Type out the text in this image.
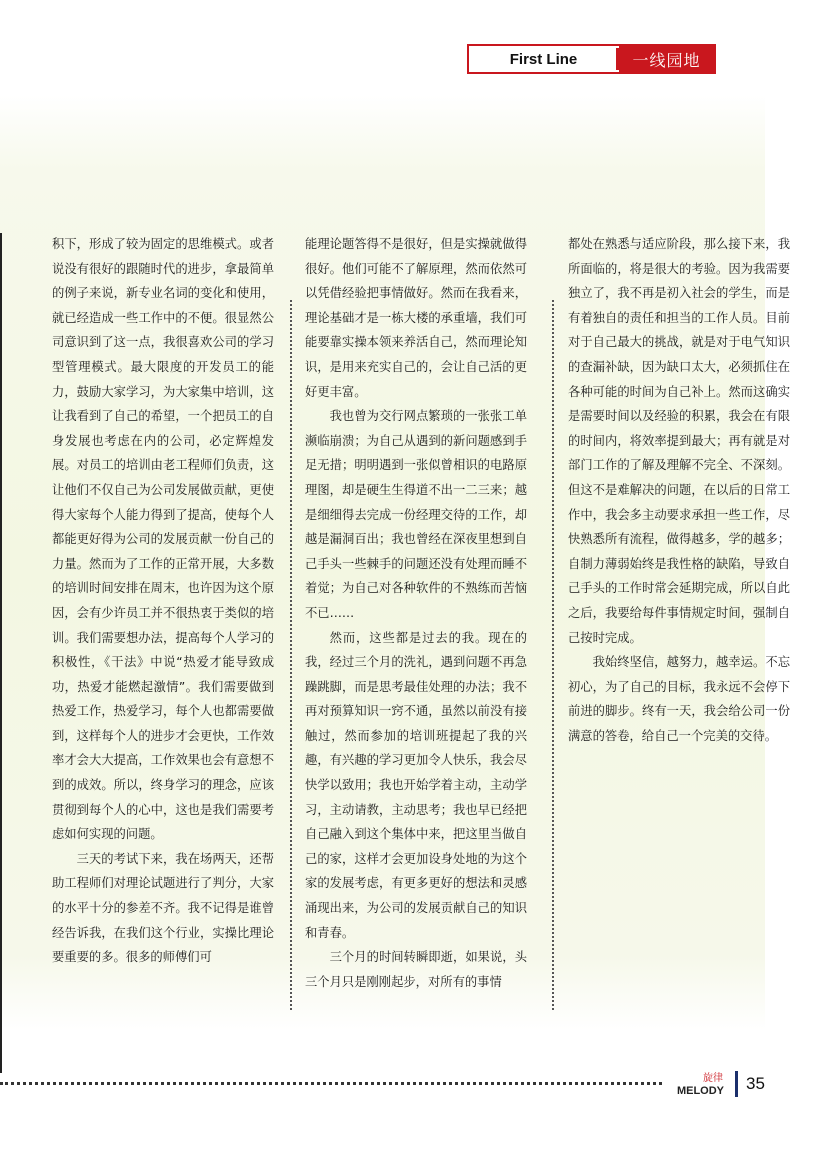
First Line	一线园地

积下，形成了较为固定的思维模式。或者说没有很好的跟随时代的进步，拿最简单的例子来说，新专业名词的变化和使用，就已经造成一些工作中的不便。很显然公司意识到了这一点，我很喜欢公司的学习型管理模式。最大限度的开发员工的能力，鼓励大家学习，为大家集中培训，这让我看到了自己的希望，一个把员工的自身发展也考虑在内的公司，必定辉煌发展。对员工的培训由老工程师们负责，这让他们不仅自己为公司发展做贡献，更使得大家每个人能力得到了提高，使每个人都能更好得为公司的发展贡献一份自己的力量。然而为了工作的正常开展，大多数的培训时间安排在周末，也许因为这个原因，会有少许员工并不很热衷于类似的培训。我们需要想办法，提高每个人学习的积极性，《干法》中说“热爱才能导致成功，热爱才能燃起激情”。我们需要做到热爱工作，热爱学习，每个人也都需要做到，这样每个人的进步才会更快，工作效率才会大大提高，工作效果也会有意想不到的成效。所以，终身学习的理念，应该贯彻到每个人的心中，这也是我们需要考虑如何实现的问题。

三天的考试下来，我在场两天，还帮助工程师们对理论试题进行了判分，大家的水平十分的参差不齐。我不记得是谁曾经告诉我，在我们这个行业，实操比理论要重要的多。很多的师傅们可

能理论题答得不是很好，但是实操就做得很好。他们可能不了解原理，然而依然可以凭借经验把事情做好。然而在我看来，理论基础才是一栋大楼的承重墙，我们可能要靠实操本领来养活自己，然而理论知识，是用来充实自己的，会让自己活的更好更丰富。

我也曾为交行网点繁琐的一张张工单濒临崩溃；为自己从遇到的新问题感到手足无措；明明遇到一张似曾相识的电路原理图，却是硬生生得道不出一二三来；越是细细得去完成一份经理交待的工作，却越是漏洞百出；我也曾经在深夜里想到自己手头一些棘手的问题还没有处理而睡不着觉；为自己对各种软件的不熟练而苦恼不已……

然而，这些都是过去的我。现在的我，经过三个月的洗礼，遇到问题不再急躁跳脚，而是思考最佳处理的办法；我不再对预算知识一窍不通，虽然以前没有接触过，然而参加的培训班提起了我的兴趣，有兴趣的学习更加令人快乐，我会尽快学以致用；我也开始学着主动，主动学习，主动请教，主动思考；我也早已经把自己融入到这个集体中来，把这里当做自己的家，这样才会更加设身处地的为这个家的发展考虑，有更多更好的想法和灵感涌现出来，为公司的发展贡献自己的知识和青春。

三个月的时间转瞬即逝，如果说，头三个月只是刚刚起步，对所有的事情

都处在熟悉与适应阶段，那么接下来，我所面临的，将是很大的考验。因为我需要独立了，我不再是初入社会的学生，而是有着独自的责任和担当的工作人员。目前对于自己最大的挑战，就是对于电气知识的查漏补缺，因为缺口太大，必须抓住在各种可能的时间为自己补上。然而这确实是需要时间以及经验的积累，我会在有限的时间内，将效率提到最大；再有就是对部门工作的了解及理解不完全、不深刻。但这不是难解决的问题，在以后的日常工作中，我会多主动要求承担一些工作，尽快熟悉所有流程，做得越多，学的越多；自制力薄弱始终是我性格的缺陷，导致自己手头的工作时常会延期完成，所以自此之后，我要给每件事情规定时间，强制自己按时完成。

我始终坚信，越努力，越幸运。不忘初心，为了自己的目标，我永远不会停下前进的脚步。终有一天，我会给公司一份满意的答卷，给自己一个完美的交待。

旋律
MELODY 35
